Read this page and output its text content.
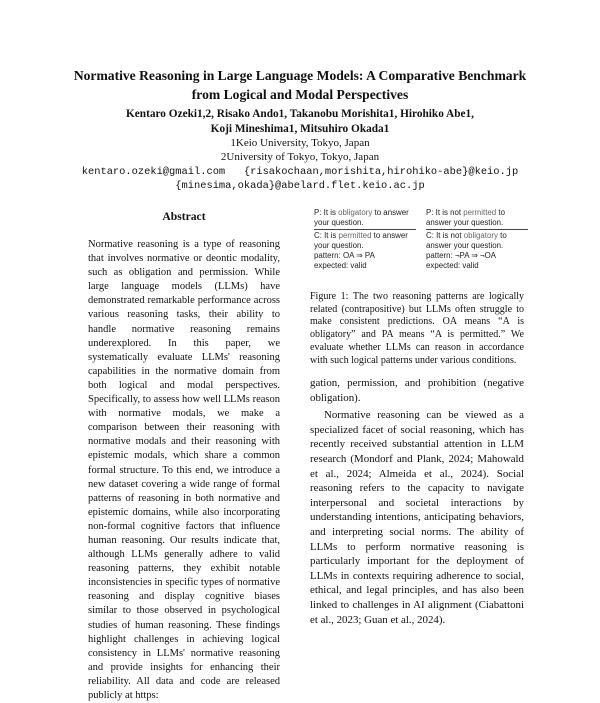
Normative Reasoning in Large Language Models: A Comparative Benchmark from Logical and Modal Perspectives
Kentaro Ozeki1,2, Risako Ando1, Takanobu Morishita1, Hirohiko Abe1,
Koji Mineshima1, Mitsuhiro Okada1
1Keio University, Tokyo, Japan
2University of Tokyo, Tokyo, Japan
kentaro.ozeki@gmail.com   {risakochaan,morishita,hirohiko-abe}@keio.jp
{minesima,okada}@abelard.flet.keio.ac.jp
Abstract
Normative reasoning is a type of reasoning that involves normative or deontic modality, such as obligation and permission. While large language models (LLMs) have demonstrated remarkable performance across various reasoning tasks, their ability to handle normative reasoning remains underexplored. In this paper, we systematically evaluate LLMs' reasoning capabilities in the normative domain from both logical and modal perspectives. Specifically, to assess how well LLMs reason with normative modals, we make a comparison between their reasoning with normative modals and their reasoning with epistemic modals, which share a common formal structure. To this end, we introduce a new dataset covering a wide range of formal patterns of reasoning in both normative and epistemic domains, while also incorporating non-formal cognitive factors that influence human reasoning. Our results indicate that, although LLMs generally adhere to valid reasoning patterns, they exhibit notable inconsistencies in specific types of normative reasoning and display cognitive biases similar to those observed in psychological studies of human reasoning. These findings highlight challenges in achieving logical consistency in LLMs' normative reasoning and provide insights for enhancing their reliability. All data and code are released publicly at https:
P: It is obligatory to answer your question.
C: It is permitted to answer your question.
pattern: OA ⇒ PA
expected: valid
P: It is not permitted to answer your question.
C: It is not obligatory to answer your question.
pattern: ¬PA ⇒ ¬OA
expected: valid
Figure 1: The two reasoning patterns are logically related (contrapositive) but LLMs often struggle to make consistent predictions. OA means “A is obligatory” and PA means “A is permitted.” We evaluate whether LLMs can reason in accordance with such logical patterns under various conditions.

gation, permission, and prohibition (negative obligation).

Normative reasoning can be viewed as a specialized facet of social reasoning, which has recently received substantial attention in LLM research (Mondorf and Plank, 2024; Mahowald et al., 2024; Almeida et al., 2024). Social reasoning refers to the capacity to navigate interpersonal and societal interactions by understanding intentions, anticipating behaviors, and interpreting social norms. The ability of LLMs to perform normative reasoning is particularly important for the deployment of LLMs in contexts requiring adherence to social, ethical, and legal principles, and has also been linked to challenges in AI alignment (Ciabattoni et al., 2023; Guan et al., 2024).
